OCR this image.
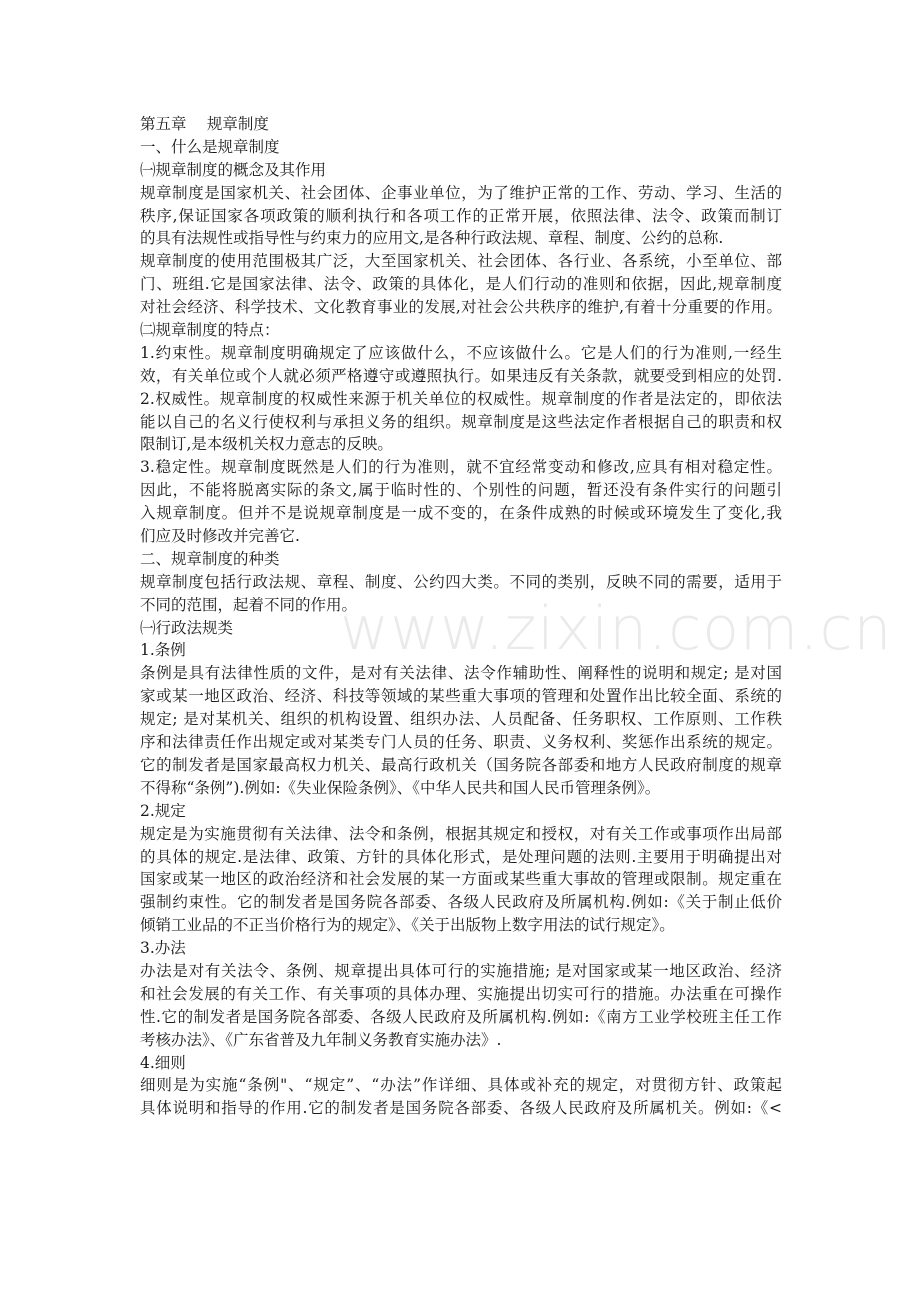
www.zixin.com.cn
第五章　 规章制度
一、什么是规章制度
㈠规章制度的概念及其作用
规章制度是国家机关、社会团体、企事业单位，为了维护正常的工作、劳动、学习、生活的
秩序,保证国家各项政策的顺利执行和各项工作的正常开展，依照法律、法令、政策而制订
的具有法规性或指导性与约束力的应用文,是各种行政法规、章程、制度、公约的总称.
规章制度的使用范围极其广泛，大至国家机关、社会团体、各行业、各系统，小至单位、部
门、班组.它是国家法律、法令、政策的具体化，是人们行动的准则和依据，因此,规章制度
对社会经济、科学技术、文化教育事业的发展,对社会公共秩序的维护,有着十分重要的作用。
㈡规章制度的特点：
1.约束性。规章制度明确规定了应该做什么，不应该做什么。它是人们的行为准则,一经生
效，有关单位或个人就必须严格遵守或遵照执行。如果违反有关条款，就要受到相应的处罚.
2.权威性。规章制度的权威性来源于机关单位的权威性。规章制度的作者是法定的，即依法
能以自己的名义行使权利与承担义务的组织。规章制度是这些法定作者根据自己的职责和权
限制订,是本级机关权力意志的反映。
3.稳定性。规章制度既然是人们的行为准则，就不宜经常变动和修改,应具有相对稳定性。
因此，不能将脱离实际的条文,属于临时性的、个别性的问题，暂还没有条件实行的问题引
入规章制度。但并不是说规章制度是一成不变的，在条件成熟的时候或环境发生了变化,我
们应及时修改并完善它.
二、规章制度的种类
规章制度包括行政法规、章程、制度、公约四大类。不同的类别，反映不同的需要，适用于
不同的范围，起着不同的作用。
㈠行政法规类
1.条例
条例是具有法律性质的文件，是对有关法律、法令作辅助性、阐释性的说明和规定; 是对国
家或某一地区政治、经济、科技等领域的某些重大事项的管理和处置作出比较全面、系统的
规定; 是对某机关、组织的机构设置、组织办法、人员配备、任务职权、工作原则、工作秩
序和法律责任作出规定或对某类专门人员的任务、职责、义务权利、奖惩作出系统的规定。
它的制发者是国家最高权力机关、最高行政机关（国务院各部委和地方人民政府制度的规章
不得称“条例”).例如:《失业保险条例》、《中华人民共和国人民币管理条例》。
2.规定
规定是为实施贯彻有关法律、法令和条例，根据其规定和授权，对有关工作或事项作出局部
的具体的规定.是法律、政策、方针的具体化形式，是处理问题的法则.主要用于明确提出对
国家或某一地区的政治经济和社会发展的某一方面或某些重大事故的管理或限制。规定重在
强制约束性。它的制发者是国务院各部委、各级人民政府及所属机构.例如:《关于制止低价
倾销工业品的不正当价格行为的规定》、《关于出版物上数字用法的试行规定》。
3.办法
办法是对有关法令、条例、规章提出具体可行的实施措施; 是对国家或某一地区政治、经济
和社会发展的有关工作、有关事项的具体办理、实施提出切实可行的措施。办法重在可操作
性.它的制发者是国务院各部委、各级人民政府及所属机构.例如:《南方工业学校班主任工作
考核办法》、《广东省普及九年制义务教育实施办法》.
4.细则
细则是为实施“条例"、“规定”、“办法”作详细、具体或补充的规定，对贯彻方针、政策起
具体说明和指导的作用.它的制发者是国务院各部委、各级人民政府及所属机关。例如:《<
